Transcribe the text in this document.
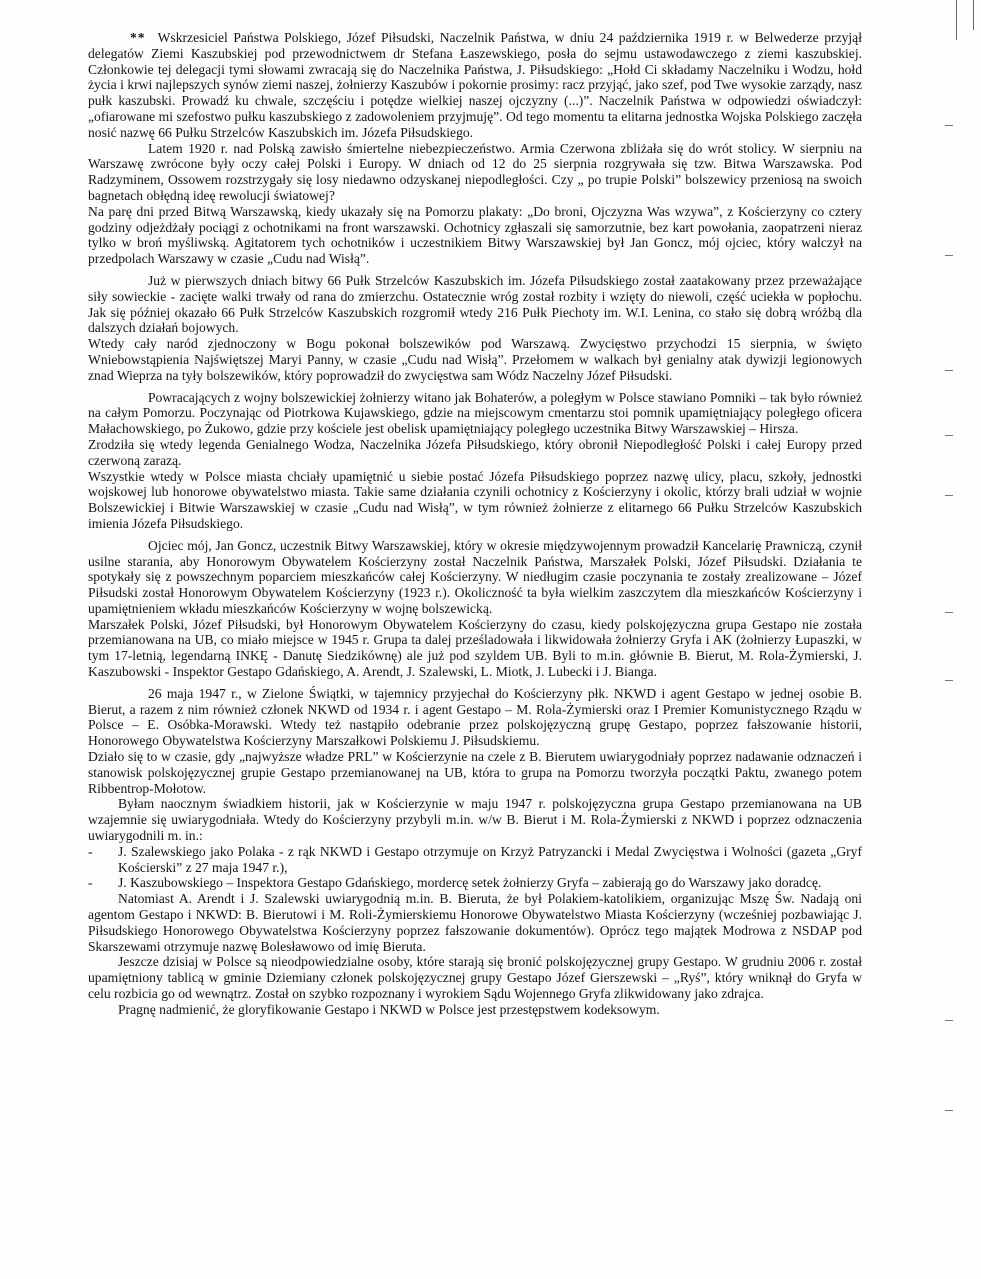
** Wskrzesiciel Państwa Polskiego, Józef Piłsudski, Naczelnik Państwa, w dniu 24 października 1919 r. w Belwederze przyjął delegatów Ziemi Kaszubskiej pod przewodnictwem dr Stefana Łaszewskiego, posła do sejmu ustawodawczego z ziemi kaszubskiej. Członkowie tej delegacji tymi słowami zwracają się do Naczelnika Państwa, J. Piłsudskiego: „Hołd Ci składamy Naczelniku i Wodzu, hołd życia i krwi najlepszych synów ziemi naszej, żołnierzy Kaszubów i pokornie prosimy: racz przyjąć, jako szef, pod Twe wysokie zarządy, nasz pułk kaszubski. Prowadź ku chwale, szczęściu i potędze wielkiej naszej ojczyzny (...)”. Naczelnik Państwa w odpowiedzi oświadczył: „ofiarowane mi szefostwo pułku kaszubskiego z zadowoleniem przyjmuję”. Od tego momentu ta elitarna jednostka Wojska Polskiego zaczęła nosić nazwę 66 Pułku Strzelców Kaszubskich im. Józefa Piłsudskiego.

Latem 1920 r. nad Polską zawisło śmiertelne niebezpieczeństwo. Armia Czerwona zbliżała się do wrót stolicy. W sierpniu na Warszawę zwrócone były oczy całej Polski i Europy. W dniach od 12 do 25 sierpnia rozgrywała się tzw. Bitwa Warszawska. Pod Radzyminem, Ossowem rozstrzygały się losy niedawno odzyskanej niepodległości. Czy „ po trupie Polski” bolszewicy przeniosą na swoich bagnetach obłędną ideę rewolucji światowej?

Na parę dni przed Bitwą Warszawską, kiedy ukazały się na Pomorzu plakaty: „Do broni, Ojczyzna Was wzywa”, z Kościerzyny co cztery godziny odjeżdżały pociągi z ochotnikami na front warszawski. Ochotnicy zgłaszali się samorzutnie, bez kart powołania, zaopatrzeni nieraz tylko w broń myśliwską. Agitatorem tych ochotników i uczestnikiem Bitwy Warszawskiej był Jan Goncz, mój ojciec, który walczył na przedpolach Warszawy w czasie „Cudu nad Wisłą”.

Już w pierwszych dniach bitwy 66 Pułk Strzelców Kaszubskich im. Józefa Piłsudskiego został zaatakowany przez przeważające siły sowieckie - zacięte walki trwały od rana do zmierzchu. Ostatecznie wróg został rozbity i wzięty do niewoli, część uciekła w popłochu. Jak się później okazało 66 Pułk Strzelców Kaszubskich rozgromił wtedy 216 Pułk Piechoty im. W.I. Lenina, co stało się dobrą wróżbą dla dalszych działań bojowych.

Wtedy cały naród zjednoczony w Bogu pokonał bolszewików pod Warszawą. Zwycięstwo przychodzi 15 sierpnia, w święto Wniebowstąpienia Najświętszej Maryi Panny, w czasie „Cudu nad Wisłą”. Przełomem w walkach był genialny atak dywizji legionowych znad Wieprza na tyły bolszewików, który poprowadził do zwycięstwa sam Wódz Naczelny Józef Piłsudski.

Powracających z wojny bolszewickiej żołnierzy witano jak Bohaterów, a poległym w Polsce stawiano Pomniki – tak było również na całym Pomorzu. Poczynając od Piotrkowa Kujawskiego, gdzie na miejscowym cmentarzu stoi pomnik upamiętniający poległego oficera Małachowskiego, po Żukowo, gdzie przy kościele jest obelisk upamiętniający poległego uczestnika Bitwy Warszawskiej – Hirsza.

Zrodziła się wtedy legenda Genialnego Wodza, Naczelnika Józefa Piłsudskiego, który obronił Niepodległość Polski i całej Europy przed czerwoną zarazą.

Wszystkie wtedy w Polsce miasta chciały upamiętnić u siebie postać Józefa Piłsudskiego poprzez nazwę ulicy, placu, szkoły, jednostki wojskowej lub honorowe obywatelstwo miasta. Takie same działania czynili ochotnicy z Kościerzyny i okolic, którzy brali udział w wojnie Bolszewickiej i Bitwie Warszawskiej w czasie „Cudu nad Wisłą”, w tym również żołnierze z elitarnego 66 Pułku Strzelców Kaszubskich imienia Józefa Piłsudskiego.

Ojciec mój, Jan Goncz, uczestnik Bitwy Warszawskiej, który w okresie międzywojennym prowadził Kancelarię Prawniczą, czynił usilne starania, aby Honorowym Obywatelem Kościerzyny został Naczelnik Państwa, Marszałek Polski, Józef Piłsudski. Działania te spotykały się z powszechnym poparciem mieszkańców całej Kościerzyny. W niedługim czasie poczynania te zostały zrealizowane – Józef Piłsudski został Honorowym Obywatelem Kościerzyny (1923 r.). Okoliczność ta była wielkim zaszczytem dla mieszkańców Kościerzyny i upamiętnieniem wkładu mieszkańców Kościerzyny w wojnę bolszewicką.

Marszałek Polski, Józef Piłsudski, był Honorowym Obywatelem Kościerzyny do czasu, kiedy polskojęzyczna grupa Gestapo nie została przemianowana na UB, co miało miejsce w 1945 r. Grupa ta dalej prześladowała i likwidowała żołnierzy Gryfa i AK (żołnierzy Łupaszki, w tym 17-letnią, legendarną INKĘ - Danutę Siedzikównę) ale już pod szyldem UB. Byli to m.in. głównie B. Bierut, M. Rola-Żymierski, J. Kaszubowski - Inspektor Gestapo Gdańskiego, A. Arendt, J. Szalewski, L. Miotk, J. Lubecki i J. Bianga.

26 maja 1947 r., w Zielone Świątki, w tajemnicy przyjechał do Kościerzyny płk. NKWD i agent Gestapo w jednej osobie B. Bierut, a razem z nim również członek NKWD od 1934 r. i agent Gestapo – M. Rola-Żymierski oraz I Premier Komunistycznego Rządu w Polsce – E. Osóbka-Morawski. Wtedy też nastąpiło odebranie przez polskojęzyczną grupę Gestapo, poprzez fałszowanie historii, Honorowego Obywatelstwa Kościerzyny Marszałkowi Polskiemu J. Piłsudskiemu.

Działo się to w czasie, gdy „najwyższe władze PRL” w Kościerzynie na czele z B. Bierutem uwiarygodniały poprzez nadawanie odznaczeń i stanowisk polskojęzycznej grupie Gestapo przemianowanej na UB, która to grupa na Pomorzu tworzyła początki Paktu, zwanego potem Ribbentrop-Mołotow.

Byłam naocznym świadkiem historii, jak w Kościerzynie w maju 1947 r. polskojęzyczna grupa Gestapo przemianowana na UB wzajemnie się uwiarygodniała. Wtedy do Kościerzyny przybyli m.in. w/w B. Bierut i M. Rola-Żymierski z NKWD i poprzez odznaczenia uwiarygodnili m. in.:

-	J. Szalewskiego jako Polaka - z rąk NKWD i Gestapo otrzymuje on Krzyż Patryzancki i Medal Zwycięstwa i Wolności (gazeta „Gryf Kościerski” z 27 maja 1947 r.),
-	J. Kaszubowskiego – Inspektora Gestapo Gdańskiego, mordercę setek żołnierzy Gryfa – zabierają go do Warszawy jako doradcę.

Natomiast A. Arendt i J. Szalewski uwiarygodnią m.in. B. Bieruta, że był Polakiem-katolikiem, organizując Mszę Św. Nadają oni agentom Gestapo i NKWD: B. Bierutowi i M. Roli-Żymierskiemu Honorowe Obywatelstwo Miasta Kościerzyny (wcześniej pozbawiając J. Piłsudskiego Honorowego Obywatelstwa Kościerzyny poprzez fałszowanie dokumentów). Oprócz tego majątek Modrowa z NSDAP pod Skarszewami otrzymuje nazwę Bolesławowo od imię Bieruta.

Jeszcze dzisiaj w Polsce są nieodpowiedzialne osoby, które starają się bronić polskojęzycznej grupy Gestapo. W grudniu 2006 r. został upamiętniony tablicą w gminie Dziemiany członek polskojęzycznej grupy Gestapo Józef Gierszewski – „Ryś”, który wniknął do Gryfa w celu rozbicia go od wewnątrz. Został on szybko rozpoznany i wyrokiem Sądu Wojennego Gryfa zlikwidowany jako zdrajca.

Pragnę nadmienić, że gloryfikowanie Gestapo i NKWD w Polsce jest przestępstwem kodeksowym.
